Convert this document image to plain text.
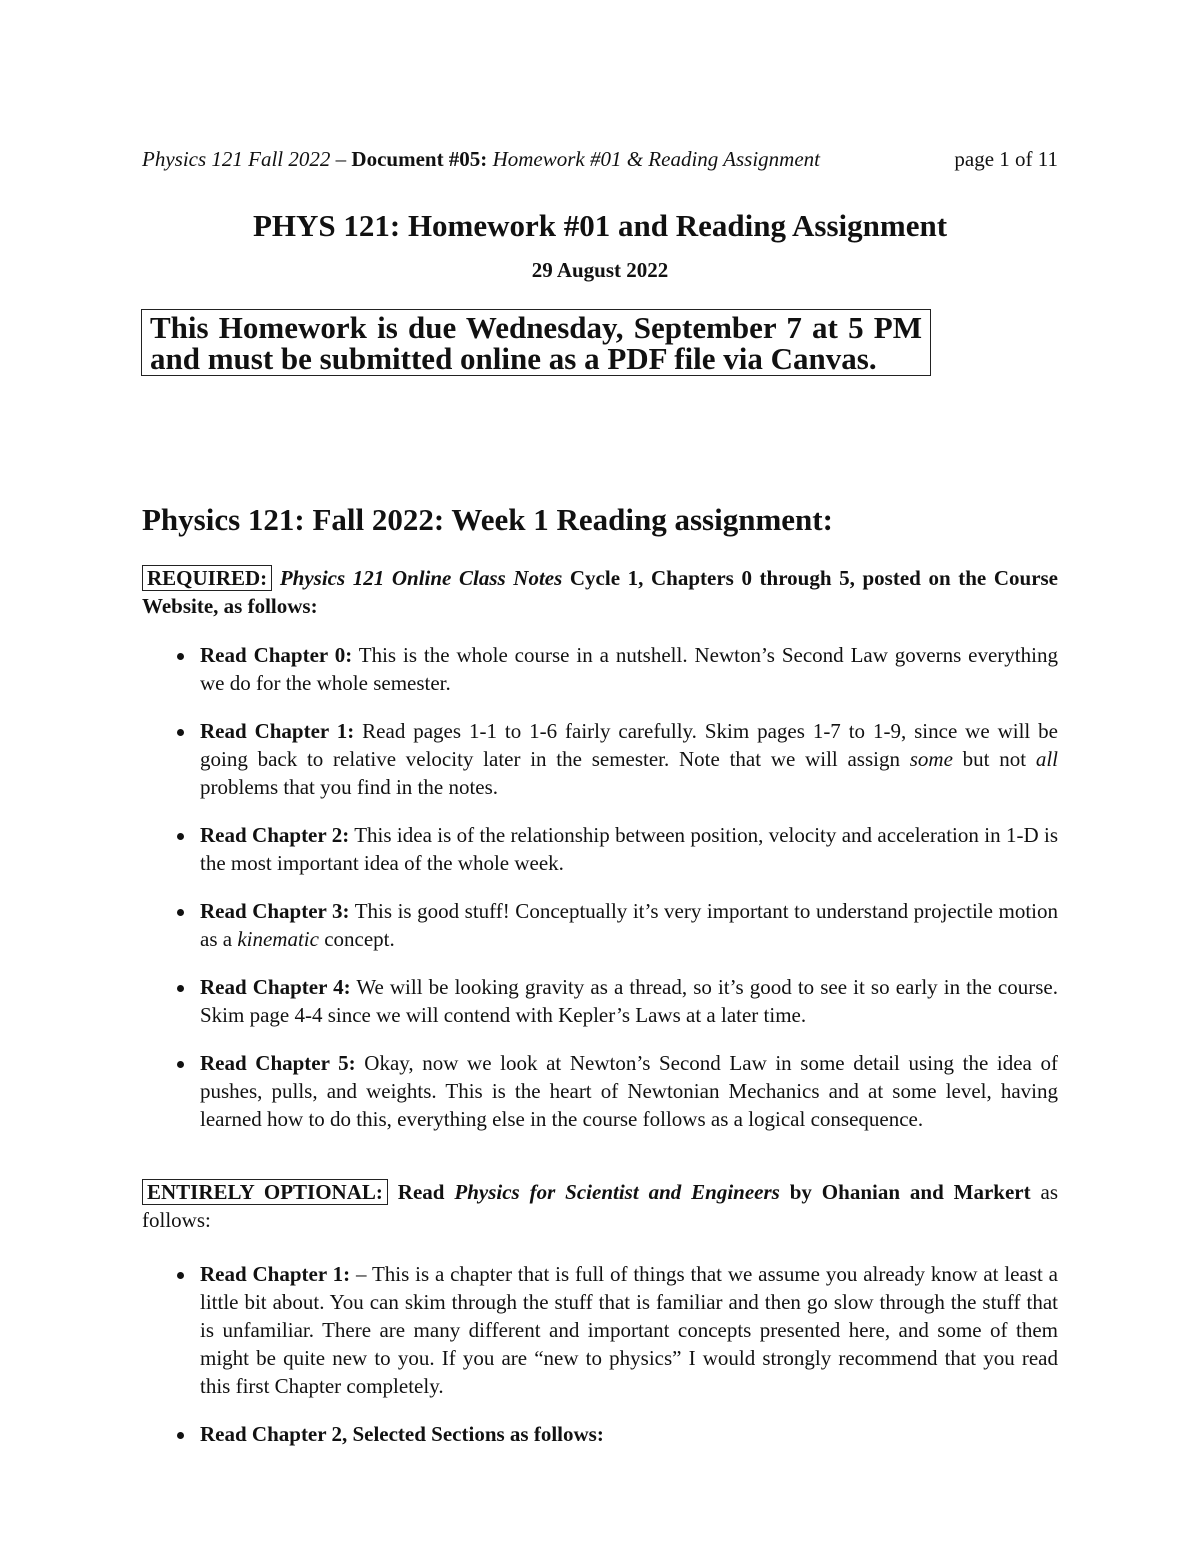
Physics 121 Fall 2022 – Document #05: Homework #01 & Reading Assignment	page 1 of 11
PHYS 121: Homework #01 and Reading Assignment
29 August 2022
This Homework is due Wednesday, September 7 at 5 PM and must be submitted online as a PDF file via Canvas.
Physics 121: Fall 2022: Week 1 Reading assignment:
REQUIRED: Physics 121 Online Class Notes Cycle 1, Chapters 0 through 5, posted on the Course Website, as follows:
Read Chapter 0: This is the whole course in a nutshell. Newton’s Second Law governs everything we do for the whole semester.
Read Chapter 1: Read pages 1-1 to 1-6 fairly carefully. Skim pages 1-7 to 1-9, since we will be going back to relative velocity later in the semester. Note that we will assign some but not all problems that you find in the notes.
Read Chapter 2: This idea is of the relationship between position, velocity and acceleration in 1-D is the most important idea of the whole week.
Read Chapter 3: This is good stuff! Conceptually it’s very important to understand projectile motion as a kinematic concept.
Read Chapter 4: We will be looking gravity as a thread, so it’s good to see it so early in the course. Skim page 4-4 since we will contend with Kepler’s Laws at a later time.
Read Chapter 5: Okay, now we look at Newton’s Second Law in some detail using the idea of pushes, pulls, and weights. This is the heart of Newtonian Mechanics and at some level, having learned how to do this, everything else in the course follows as a logical consequence.
ENTIRELY OPTIONAL: Read Physics for Scientist and Engineers by Ohanian and Markert as follows:
Read Chapter 1: – This is a chapter that is full of things that we assume you already know at least a little bit about. You can skim through the stuff that is familiar and then go slow through the stuff that is unfamiliar. There are many different and important concepts presented here, and some of them might be quite new to you. If you are “new to physics” I would strongly recommend that you read this first Chapter completely.
Read Chapter 2, Selected Sections as follows:
